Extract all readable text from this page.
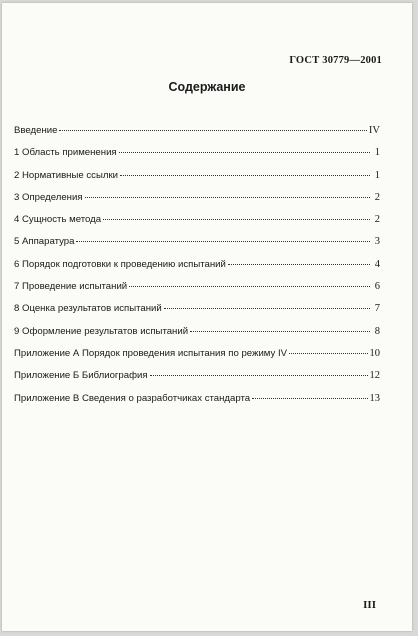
ГОСТ 30779—2001
Содержание
Введение	IV
1 Область применения	1
2 Нормативные ссылки	1
3 Определения	2
4 Сущность метода	2
5 Аппаратура	3
6 Порядок подготовки к проведению испытаний	4
7 Проведение испытаний	6
8 Оценка результатов испытаний	7
9 Оформление результатов испытаний	8
Приложение А Порядок проведения испытания по режиму IV	10
Приложение Б Библиография	12
Приложение В Сведения о разработчиках стандарта	13
III
